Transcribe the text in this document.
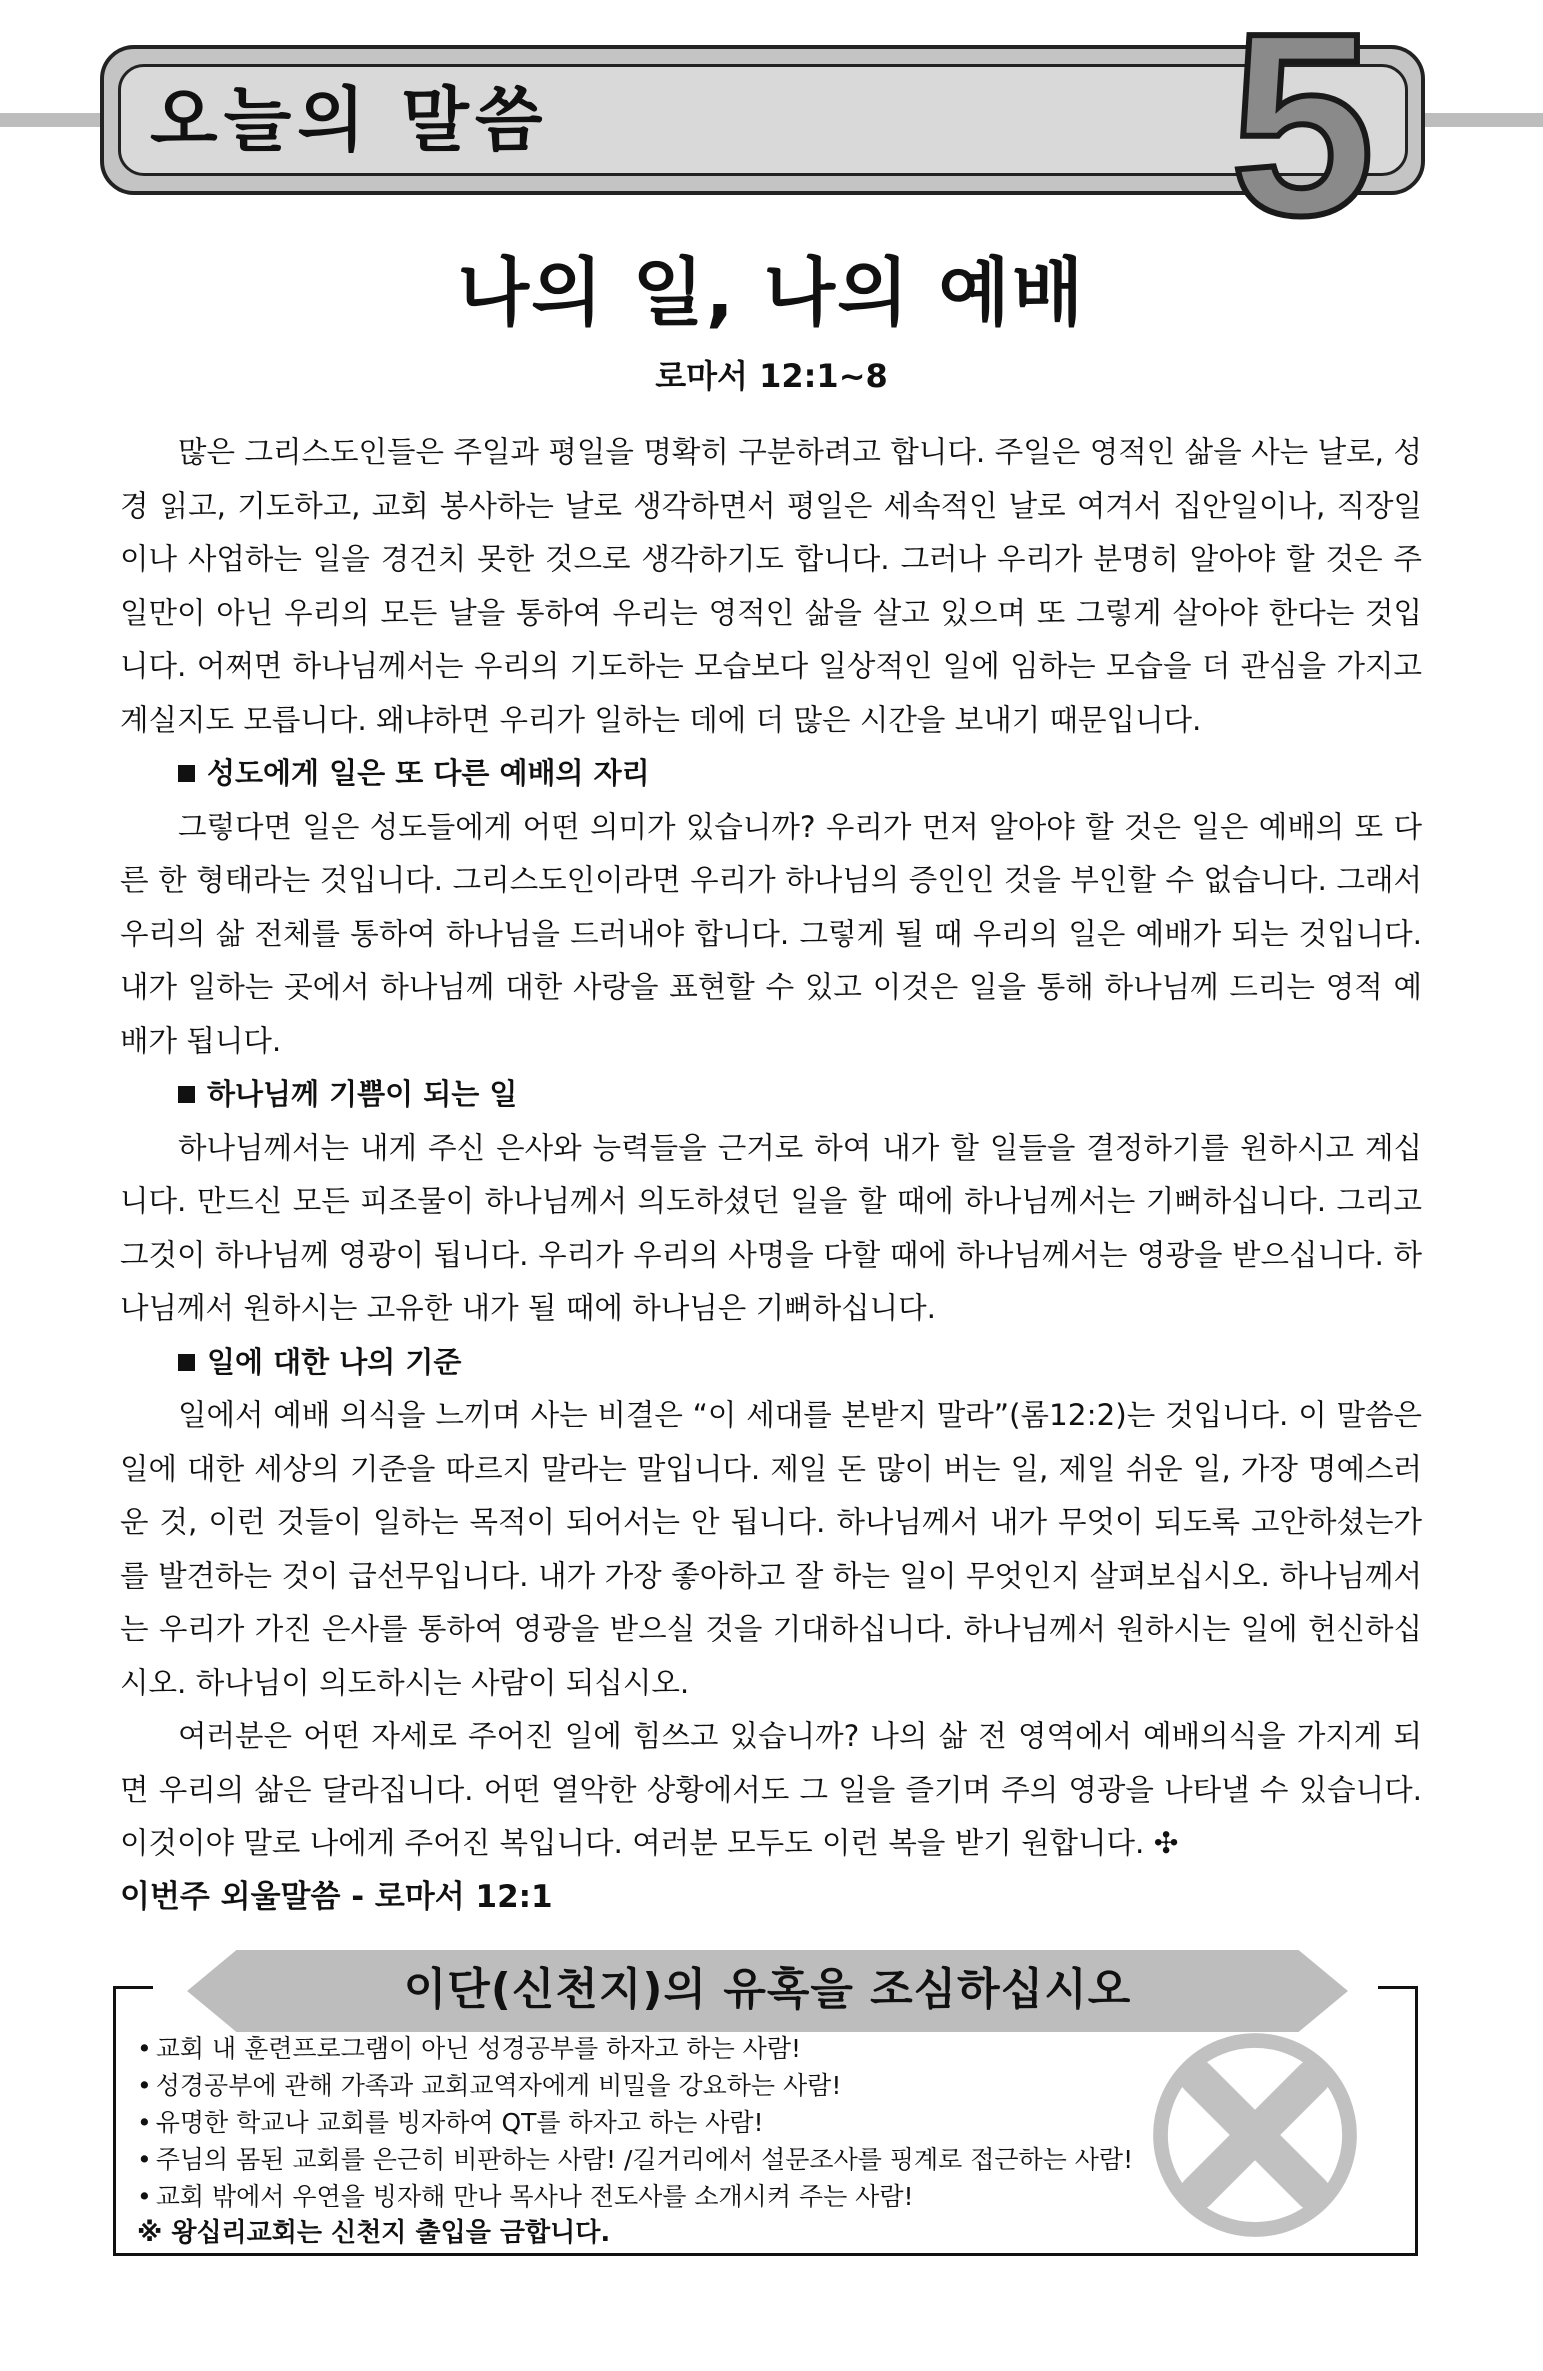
오늘의 말씀	5
나의 일, 나의 예배
로마서 12:1~8

많은 그리스도인들은 주일과 평일을 명확히 구분하려고 합니다. 주일은 영적인 삶을 사는 날로, 성경 읽고, 기도하고, 교회 봉사하는 날로 생각하면서 평일은 세속적인 날로 여겨서 집안일이나, 직장일이나 사업하는 일을 경건치 못한 것으로 생각하기도 합니다. 그러나 우리가 분명히 알아야 할 것은 주일만이 아닌 우리의 모든 날을 통하여 우리는 영적인 삶을 살고 있으며 또 그렇게 살아야 한다는 것입니다. 어쩌면 하나님께서는 우리의 기도하는 모습보다 일상적인 일에 임하는 모습을 더 관심을 가지고 계실지도 모릅니다. 왜냐하면 우리가 일하는 데에 더 많은 시간을 보내기 때문입니다.

성도에게 일은 또 다른 예배의 자리

그렇다면 일은 성도들에게 어떤 의미가 있습니까? 우리가 먼저 알아야 할 것은 일은 예배의 또 다른 한 형태라는 것입니다. 그리스도인이라면 우리가 하나님의 증인인 것을 부인할 수 없습니다. 그래서 우리의 삶 전체를 통하여 하나님을 드러내야 합니다. 그렇게 될 때 우리의 일은 예배가 되는 것입니다. 내가 일하는 곳에서 하나님께 대한 사랑을 표현할 수 있고 이것은 일을 통해 하나님께 드리는 영적 예배가 됩니다.

하나님께 기쁨이 되는 일

하나님께서는 내게 주신 은사와 능력들을 근거로 하여 내가 할 일들을 결정하기를 원하시고 계십니다. 만드신 모든 피조물이 하나님께서 의도하셨던 일을 할 때에 하나님께서는 기뻐하십니다. 그리고 그것이 하나님께 영광이 됩니다. 우리가 우리의 사명을 다할 때에 하나님께서는 영광을 받으십니다. 하나님께서 원하시는 고유한 내가 될 때에 하나님은 기뻐하십니다.

일에 대한 나의 기준

일에서 예배 의식을 느끼며 사는 비결은 “이 세대를 본받지 말라”(롬12:2)는 것입니다. 이 말씀은 일에 대한 세상의 기준을 따르지 말라는 말입니다. 제일 돈 많이 버는 일, 제일 쉬운 일, 가장 명예스러운 것, 이런 것들이 일하는 목적이 되어서는 안 됩니다. 하나님께서 내가 무엇이 되도록 고안하셨는가를 발견하는 것이 급선무입니다. 내가 가장 좋아하고 잘 하는 일이 무엇인지 살펴보십시오. 하나님께서는 우리가 가진 은사를 통하여 영광을 받으실 것을 기대하십니다. 하나님께서 원하시는 일에 헌신하십시오. 하나님이 의도하시는 사람이 되십시오.

여러분은 어떤 자세로 주어진 일에 힘쓰고 있습니까? 나의 삶 전 영역에서 예배의식을 가지게 되면 우리의 삶은 달라집니다. 어떤 열악한 상황에서도 그 일을 즐기며 주의 영광을 나타낼 수 있습니다. 이것이야 말로 나에게 주어진 복입니다. 여러분 모두도 이런 복을 받기 원합니다. ✣

이번주 외울말씀 - 로마서 12:1
이단(신천지)의 유혹을 조심하십시오
• 교회 내 훈련프로그램이 아닌 성경공부를 하자고 하는 사람!
• 성경공부에 관해 가족과 교회교역자에게 비밀을 강요하는 사람!
• 유명한 학교나 교회를 빙자하여 QT를 하자고 하는 사람!
• 주님의 몸된 교회를 은근히 비판하는 사람! /길거리에서 설문조사를 핑계로 접근하는 사람!
• 교회 밖에서 우연을 빙자해 만나 목사나 전도사를 소개시켜 주는 사람!
※ 왕십리교회는 신천지 출입을 금합니다.
